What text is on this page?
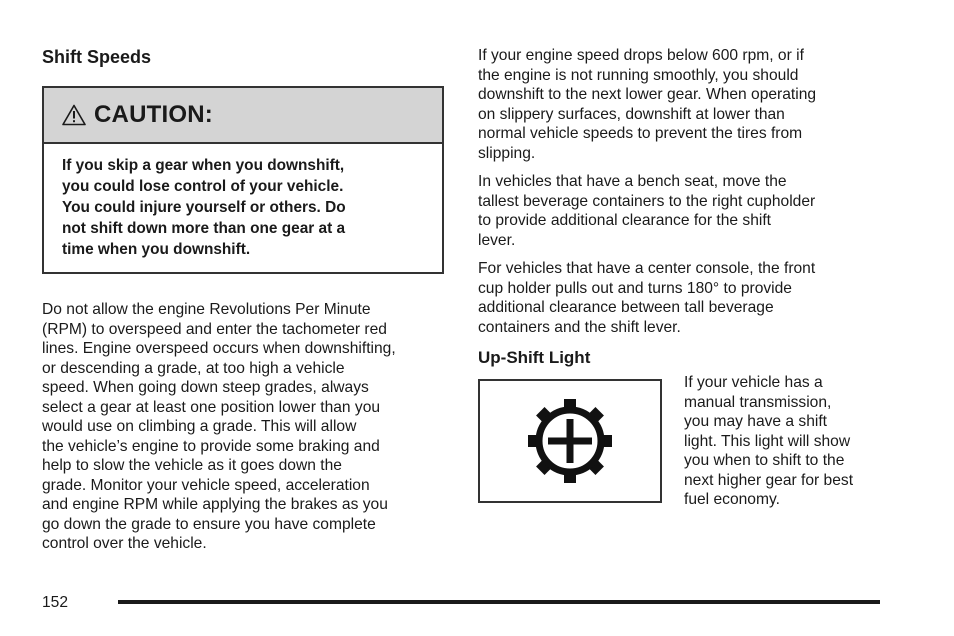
Shift Speeds

CAUTION:
If you skip a gear when you downshift,
you could lose control of your vehicle.
You could injure yourself or others. Do
not shift down more than one gear at a
time when you downshift.
Do not allow the engine Revolutions Per Minute
(RPM) to overspeed and enter the tachometer red
lines. Engine overspeed occurs when downshifting,
or descending a grade, at too high a vehicle
speed. When going down steep grades, always
select a gear at least one position lower than you
would use on climbing a grade. This will allow
the vehicle’s engine to provide some braking and
help to slow the vehicle as it goes down the
grade. Monitor your vehicle speed, acceleration
and engine RPM while applying the brakes as you
go down the grade to ensure you have complete
control over the vehicle.
If your engine speed drops below 600 rpm, or if
the engine is not running smoothly, you should
downshift to the next lower gear. When operating
on slippery surfaces, downshift at lower than
normal vehicle speeds to prevent the tires from
slipping.
In vehicles that have a bench seat, move the
tallest beverage containers to the right cupholder
to provide additional clearance for the shift
lever.
For vehicles that have a center console, the front
cup holder pulls out and turns 180° to provide
additional clearance between tall beverage
containers and the shift lever.

Up-Shift Light

If your vehicle has a
manual transmission,
you may have a shift
light. This light will show
you when to shift to the
next higher gear for best
fuel economy.
152
